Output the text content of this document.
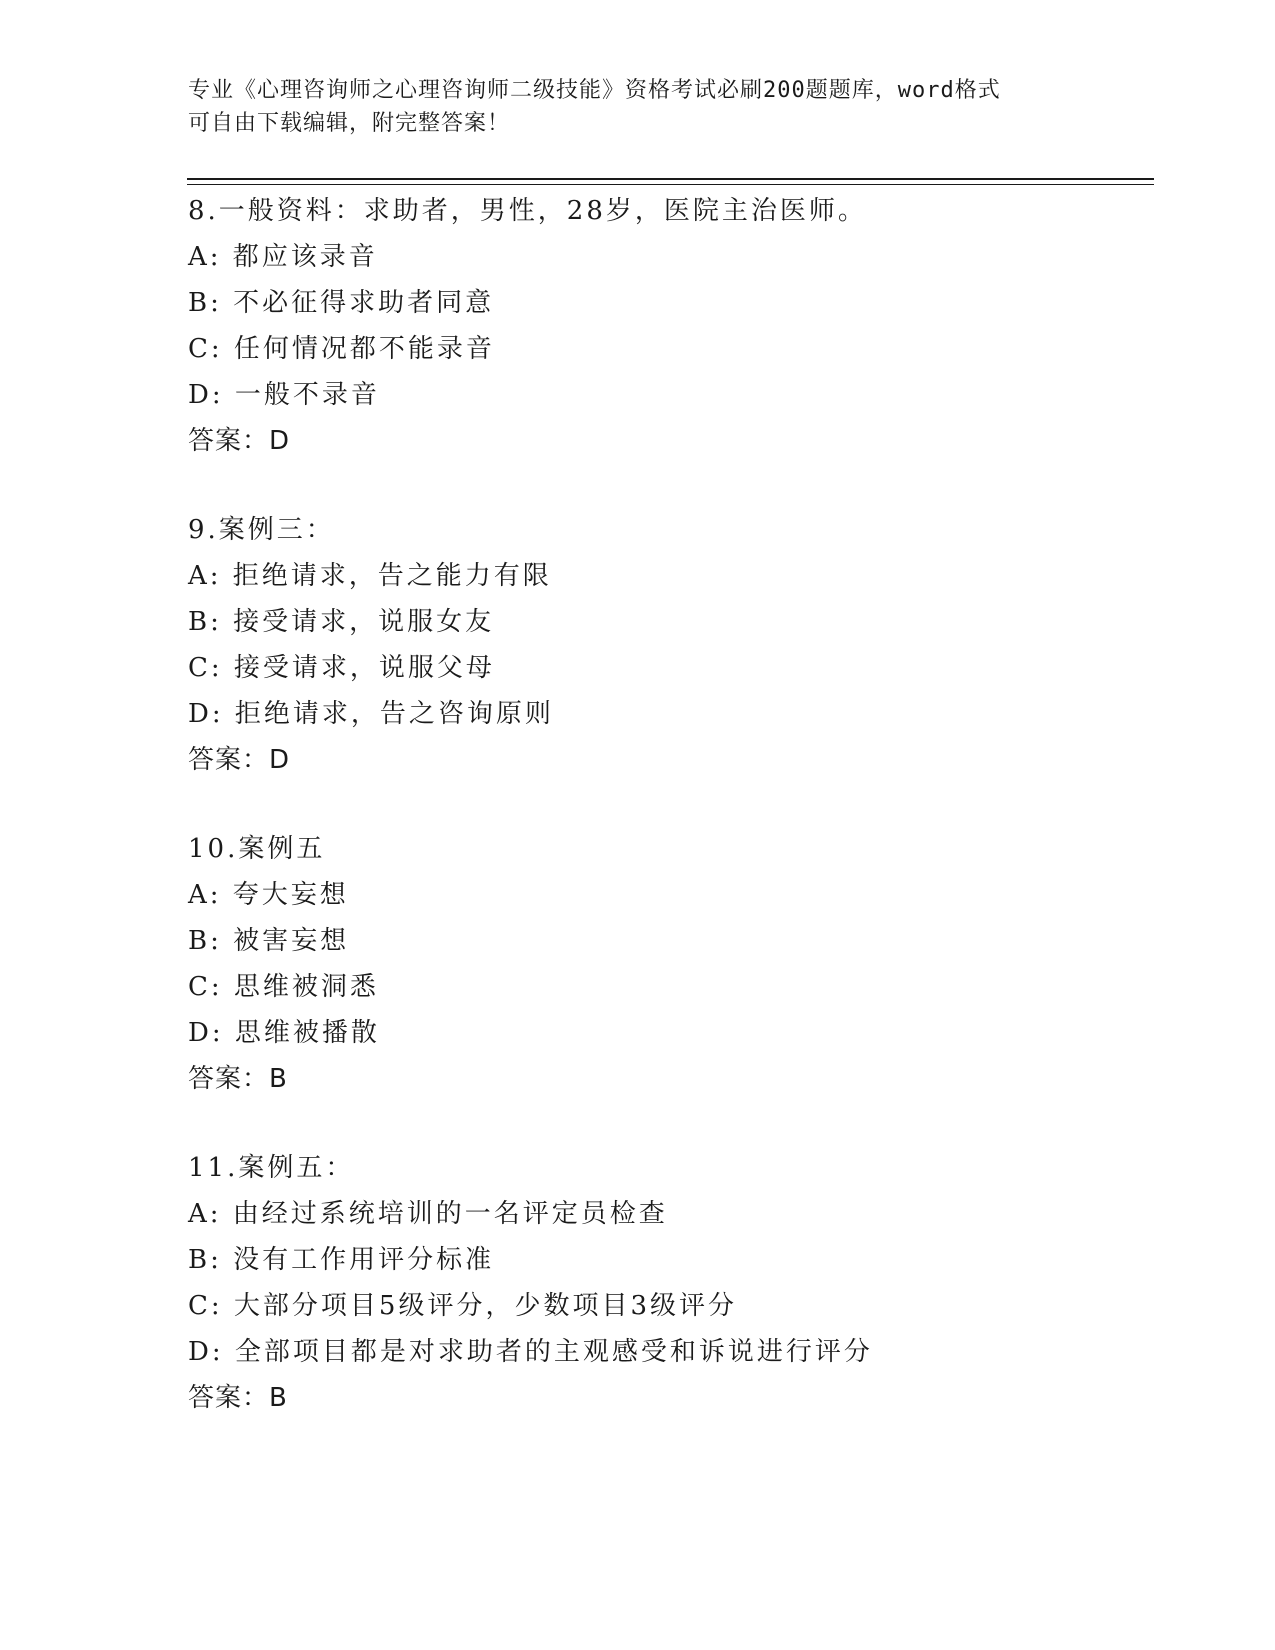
专业《心理咨询师之心理咨询师二级技能》资格考试必刷200题题库，word格式
可自由下载编辑，附完整答案！
8.一般资料：求助者，男性，28岁，医院主治医师。
A: 都应该录音
B: 不必征得求助者同意
C: 任何情况都不能录音
D: 一般不录音
答案：D
9.案例三：
A: 拒绝请求，告之能力有限
B: 接受请求，说服女友
C: 接受请求，说服父母
D: 拒绝请求，告之咨询原则
答案：D
10.案例五
A: 夸大妄想
B: 被害妄想
C: 思维被洞悉
D: 思维被播散
答案：B
11.案例五：
A: 由经过系统培训的一名评定员检查
B: 没有工作用评分标准
C: 大部分项目5级评分，少数项目3级评分
D: 全部项目都是对求助者的主观感受和诉说进行评分
答案：B
